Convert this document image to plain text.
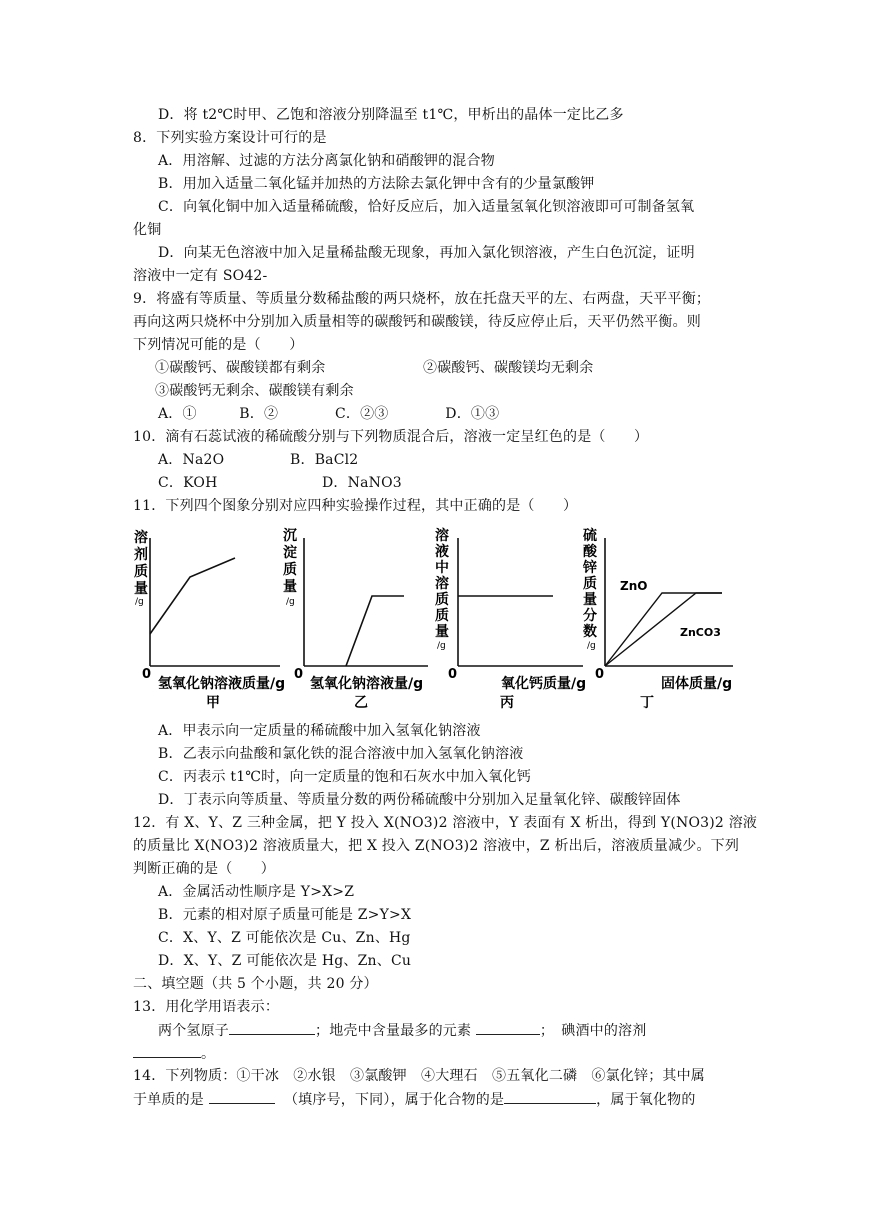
D．将 t2℃时甲、乙饱和溶液分别降温至 t1℃，甲析出的晶体一定比乙多
8．下列实验方案设计可行的是
A．用溶解、过滤的方法分离氯化钠和硝酸钾的混合物
B．用加入适量二氧化锰并加热的方法除去氯化钾中含有的少量氯酸钾
C．向氧化铜中加入适量稀硫酸，恰好反应后，加入适量氢氧化钡溶液即可可制备氢氧
化铜
D．向某无色溶液中加入足量稀盐酸无现象，再加入氯化钡溶液，产生白色沉淀，证明
溶液中一定有 SO42-
9．将盛有等质量、等质量分数稀盐酸的两只烧杯，放在托盘天平的左、右两盘，天平平衡；
再向这两只烧杯中分别加入质量相等的碳酸钙和碳酸镁，待反应停止后，天平仍然平衡。则
下列情况可能的是（　　）
①碳酸钙、碳酸镁都有剩余	②碳酸钙、碳酸镁均无剩余
③碳酸钙无剩余、碳酸镁有剩余
A．①　　　B．②　　　　C．②③　　　　D．①③
10．滴有石蕊试液的稀硫酸分别与下列物质混合后，溶液一定呈红色的是（　　）
A．Na2O	B．BaCl2
C．KOH	D．NaNO3
11．下列四个图象分别对应四种实验操作过程，其中正确的是（　　）
溶
剂
质
量
/g
0
氢氧化钠溶液质量/g
甲
沉
淀
质
量
/g
0
氢氧化钠溶液量/g
乙
溶
液
中
溶
质
质
量
/g
0
氧化钙质量/g
丙
硫
酸
锌
质
量
分
数
/g
0
ZnO
ZnCO3
固体质量/g
丁
A．甲表示向一定质量的稀硫酸中加入氢氧化钠溶液
B．乙表示向盐酸和氯化铁的混合溶液中加入氢氧化钠溶液
C．丙表示 t1℃时，向一定质量的饱和石灰水中加入氧化钙
D．丁表示向等质量、等质量分数的两份稀硫酸中分别加入足量氧化锌、碳酸锌固体
12．有 X、Y、Z 三种金属，把 Y 投入 X(NO3)2 溶液中，Y 表面有 X 析出，得到 Y(NO3)2 溶液
的质量比 X(NO3)2 溶液质量大，把 X 投入 Z(NO3)2 溶液中，Z 析出后，溶液质量减少。下列
判断正确的是（　　）
A．金属活动性顺序是 Y>X>Z
B．元素的相对原子质量可能是 Z>Y>X
C．X、Y、Z 可能依次是 Cu、Zn、Hg
D．X、Y、Z 可能依次是 Hg、Zn、Cu
二、填空题（共 5 个小题，共 20 分）
13．用化学用语表示：
两个氢原子	；地壳中含量最多的元素	；　碘酒中的溶剂
。
14．下列物质：①干冰　②水银　③氯酸钾　④大理石　⑤五氧化二磷　⑥氯化锌；其中属
于单质的是	（填序号，下同），属于化合物的是	，属于氧化物的
